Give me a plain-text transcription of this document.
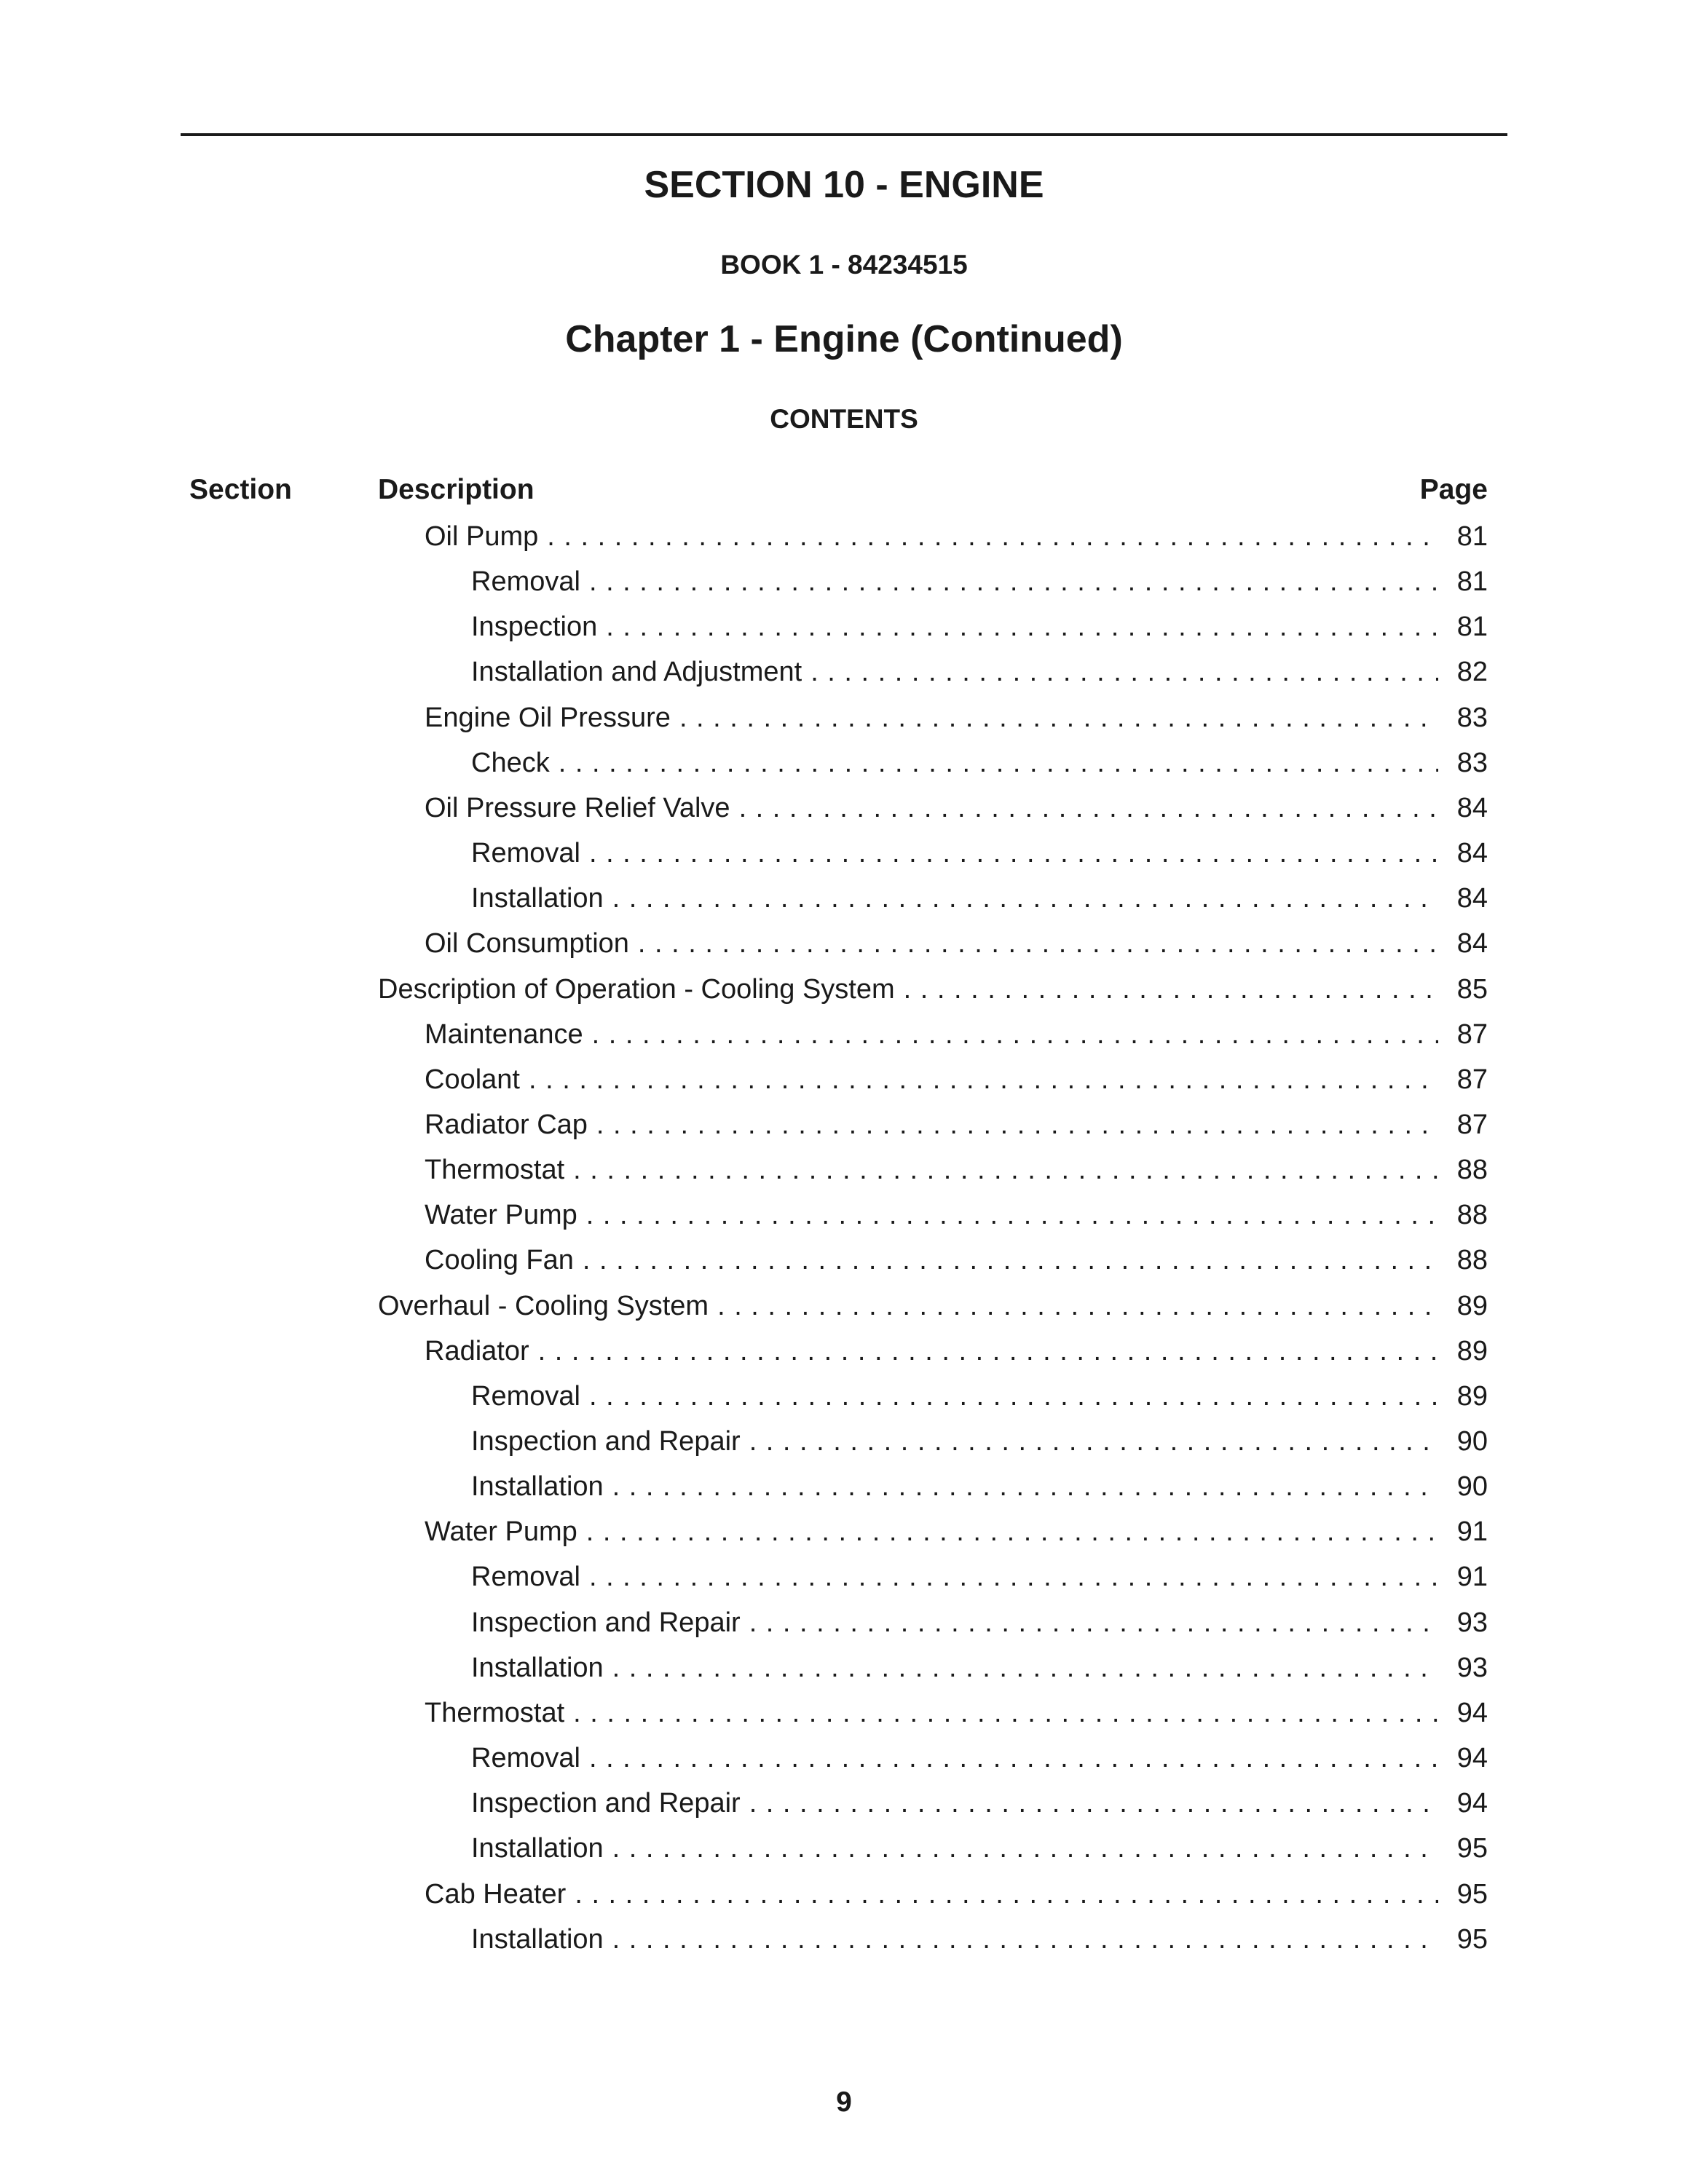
SECTION 10 - ENGINE
BOOK 1 - 84234515
Chapter 1 - Engine (Continued)
CONTENTS
Section	Description	Page
Oil Pump . . .	81
Removal . . .	81
Inspection . . .	81
Installation and Adjustment . . .	82
Engine Oil Pressure . . .	83
Check . . .	83
Oil Pressure Relief Valve . . .	84
Removal . . .	84
Installation . . .	84
Oil Consumption . . .	84
Description of Operation - Cooling System . . .	85
Maintenance . . .	87
Coolant . . .	87
Radiator Cap . . .	87
Thermostat . . .	88
Water Pump . . .	88
Cooling Fan . . .	88
Overhaul - Cooling System . . .	89
Radiator . . .	89
Removal . . .	89
Inspection and Repair . . .	90
Installation . . .	90
Water Pump . . .	91
Removal . . .	91
Inspection and Repair . . .	93
Installation . . .	93
Thermostat . . .	94
Removal . . .	94
Inspection and Repair . . .	94
Installation . . .	95
Cab Heater . . .	95
Installation . . .	95
9
